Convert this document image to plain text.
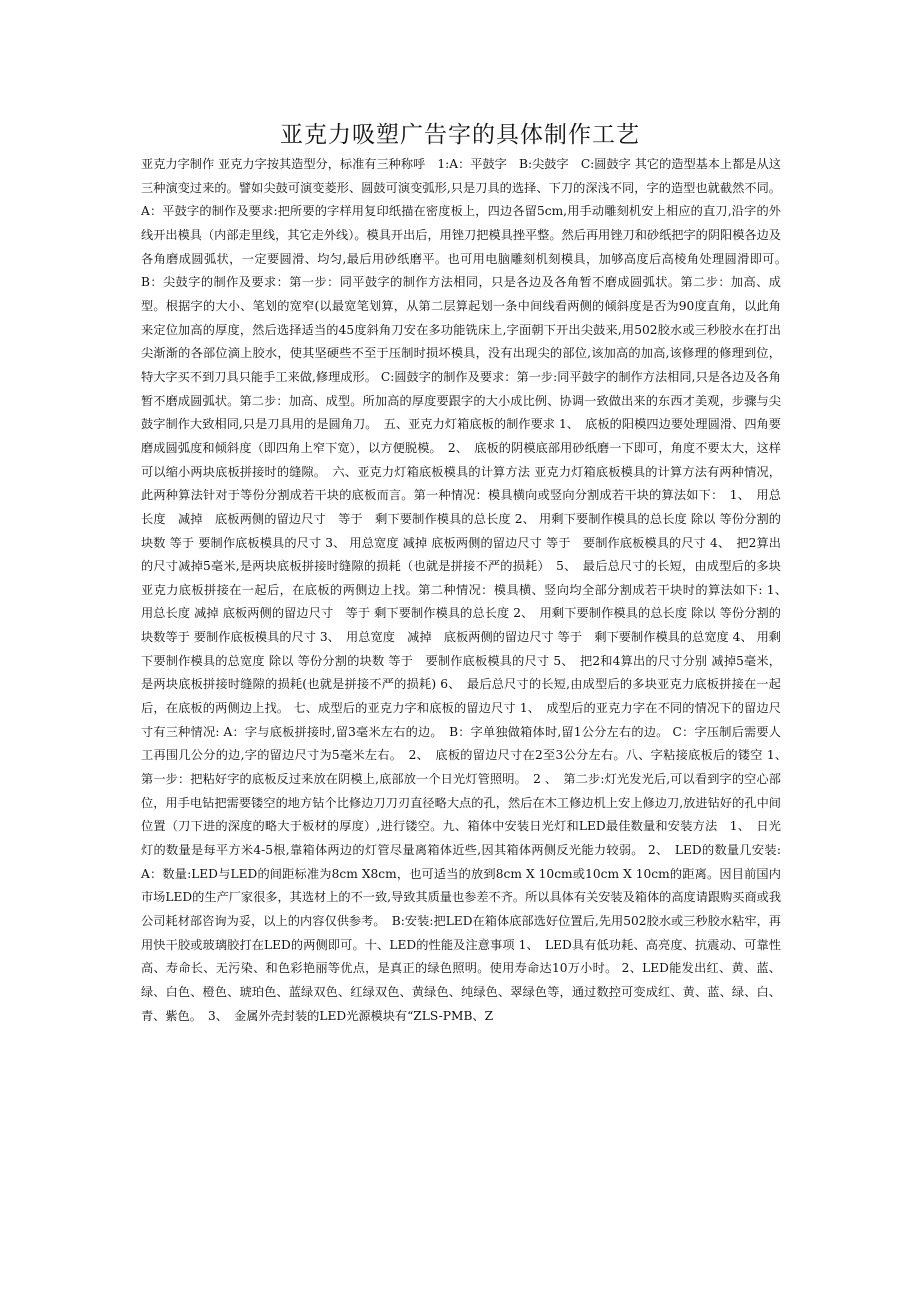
亚克力吸塑广告字的具体制作工艺

亚克力字制作 亚克力字按其造型分，标准有三种称呼　1:A：平鼓字　B:尖鼓字　C:圆鼓字 其它的造型基本上都是从这三种演变过来的。譬如尖鼓可演变菱形、圆鼓可演变弧形,只是刀具的选择、下刀的深浅不同，字的造型也就截然不同。 A：平鼓字的制作及要求:把所要的字样用复印纸描在密度板上，四边各留5cm,用手动雕刻机安上相应的直刀,沿字的外线开出模具（内部走里线，其它走外线）。模具开出后，用锉刀把模具挫平整。然后再用锉刀和砂纸把字的阴阳模各边及各角磨成圆弧状，一定要圆滑、均匀,最后用砂纸磨平。也可用电脑雕刻机刻模具，加够高度后高棱角处理圆滑即可。　B：尖鼓字的制作及要求：第一步：同平鼓字的制作方法相同，只是各边及各角暂不磨成圆弧状。第二步：加高、成型。根据字的大小、笔划的宽窄(以最宽笔划算，从第二层算起划一条中间线看两侧的倾斜度是否为90度直角，以此角来定位加高的厚度，然后选择适当的45度斜角刀安在多功能铣床上,字面朝下开出尖鼓来,用502胶水或三秒胶水在打出尖渐渐的各部位滴上胶水，使其坚硬些不至于压制时损坏模具，没有出现尖的部位,该加高的加高,该修理的修理到位，特大字买不到刀具只能手工来做,修理成形。 C:圆鼓字的制作及要求：第一步:同平鼓字的制作方法相同,只是各边及各角暂不磨成圆弧状。第二步：加高、成型。所加高的厚度要跟字的大小成比例、协调一致做出来的东西才美观，步骤与尖鼓字制作大致相同,只是刀具用的是圆角刀。　五、亚克力灯箱底板的制作要求 1、　底板的阳模四边要处理圆滑、四角要磨成圆弧度和倾斜度（即四角上窄下宽），以方便脱模。　2、　底板的阴模底部用砂纸磨一下即可，角度不要太大，这样可以缩小两块底板拼接时的缝隙。　六、亚克力灯箱底板模具的计算方法 亚克力灯箱底板模具的计算方法有两种情况，此两种算法针对于等份分割成若干块的底板而言。第一种情况：模具横向或竖向分割成若干块的算法如下：　1、　用总长度　减掉　底板两侧的留边尺寸　等于　剩下要制作模具的总长度 2、 用剩下要制作模具的总长度 除以 等份分割的块数 等于 要制作底板模具的尺寸 3、 用总宽度 减掉 底板两侧的留边尺寸 等于　要制作底板模具的尺寸 4、　把2算出的尺寸减掉5毫米,是两块底板拼接时缝隙的损耗（也就是拼接不严的损耗）　5、　最后总尺寸的长短，由成型后的多块亚克力底板拼接在一起后，在底板的两侧边上找。第二种情况：模具横、竖向均全部分割成若干块时的算法如下: 1、　用总长度 减掉 底板两侧的留边尺寸　等于 剩下要制作模具的总长度 2、　用剩下要制作模具的总长度 除以 等份分割的块数等于 要制作底板模具的尺寸 3、　用总宽度　减掉　底板两侧的留边尺寸 等于　剩下要制作模具的总宽度 4、 用剩下要制作模具的总宽度 除以 等份分割的块数 等于　要制作底板模具的尺寸 5、　把2和4算出的尺寸分别 减掉5毫米，是两块底板拼接时缝隙的损耗(也就是拼接不严的损耗) 6、　最后总尺寸的长短,由成型后的多块亚克力底板拼接在一起后，在底板的两侧边上找。 七、成型后的亚克力字和底板的留边尺寸 1、　成型后的亚克力字在不同的情况下的留边尺寸有三种情况: A：字与底板拼接时,留3毫米左右的边。　B：字单独做箱体时,留1公分左右的边。 C：字压制后需要人工再围几公分的边,字的留边尺寸为5毫米左右。　2、　底板的留边尺寸在2至3公分左右。八、字粘接底板后的镂空 1、　第一步：把粘好字的底板反过来放在阴模上,底部放一个日光灯管照明。　2 、　第二步:灯光发光后,可以看到字的空心部位，用手电钻把需要镂空的地方钻个比修边刀刀刃直径略大点的孔，然后在木工修边机上安上修边刀,放进钻好的孔中间位置（刀下进的深度的略大于板材的厚度）,进行镂空。九、箱体中安装日光灯和LED最佳数量和安装方法　1、　日光灯的数量是每平方米4-5根,靠箱体两边的灯管尽量离箱体近些,因其箱体两侧反光能力较弱。 2、　LED的数量几安装:　A：数量:LED与LED的间距标准为8cm X8cm，也可适当的放到8cm X 10cm或10cm X 10cm的距离。因目前国内市场LED的生产厂家很多，其选材上的不一致,导致其质量也参差不齐。所以具体有关安装及箱体的高度请跟购买商或我公司耗材部咨询为妥，以上的内容仅供参考。　B:安装:把LED在箱体底部选好位置后,先用502胶水或三秒胶水粘牢，再用快干胶或玻璃胶打在LED的两侧即可。十、LED的性能及注意事项 1、　LED具有低功耗、高亮度、抗震动、可靠性高、寿命长、无污染、和色彩艳丽等优点，是真正的绿色照明。使用寿命达10万小时。 2、LED能发出红、黄、蓝、绿、白色、橙色、琥珀色、蓝绿双色、红绿双色、黄绿色、纯绿色、翠绿色等，通过数控可变成红、黄、蓝、绿、白、青、紫色。　3、　金属外壳封装的LED光源模块有“ZLS-PMB、Z
